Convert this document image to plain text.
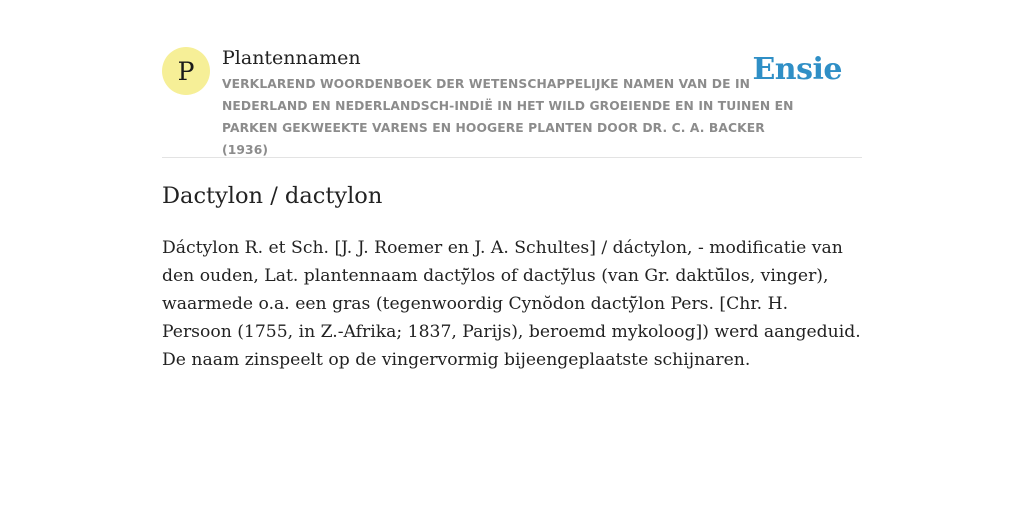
P	Plantennamen
VERKLAREND WOORDENBOEK DER WETENSCHAPPELIJKE NAMEN VAN DE IN NEDERLAND EN NEDERLANDSCH-INDIË IN HET WILD GROEIENDE EN IN TUINEN EN PARKEN GEKWEEKTE VARENS EN HOOGERE PLANTEN DOOR DR. C. A. BACKER (1936)
Ensie
Dactylon / dactylon

Dáctylon R. et Sch. [J. J. Roemer en J. A. Schultes] / dáctylon, - modificatie van den ouden, Lat. plantennaam dactȳ̆los of dactȳ̆lus (van Gr. daktŭ̄los, vinger), waarmede o.a. een gras (tegenwoordig Cynŏdon dactȳ̆lon Pers. [Chr. H. Persoon (1755, in Z.-Afrika; 1837, Parijs), beroemd mykoloog]) werd aangeduid. De naam zinspeelt op de vingervormig bijeengeplaatste schijnaren.
